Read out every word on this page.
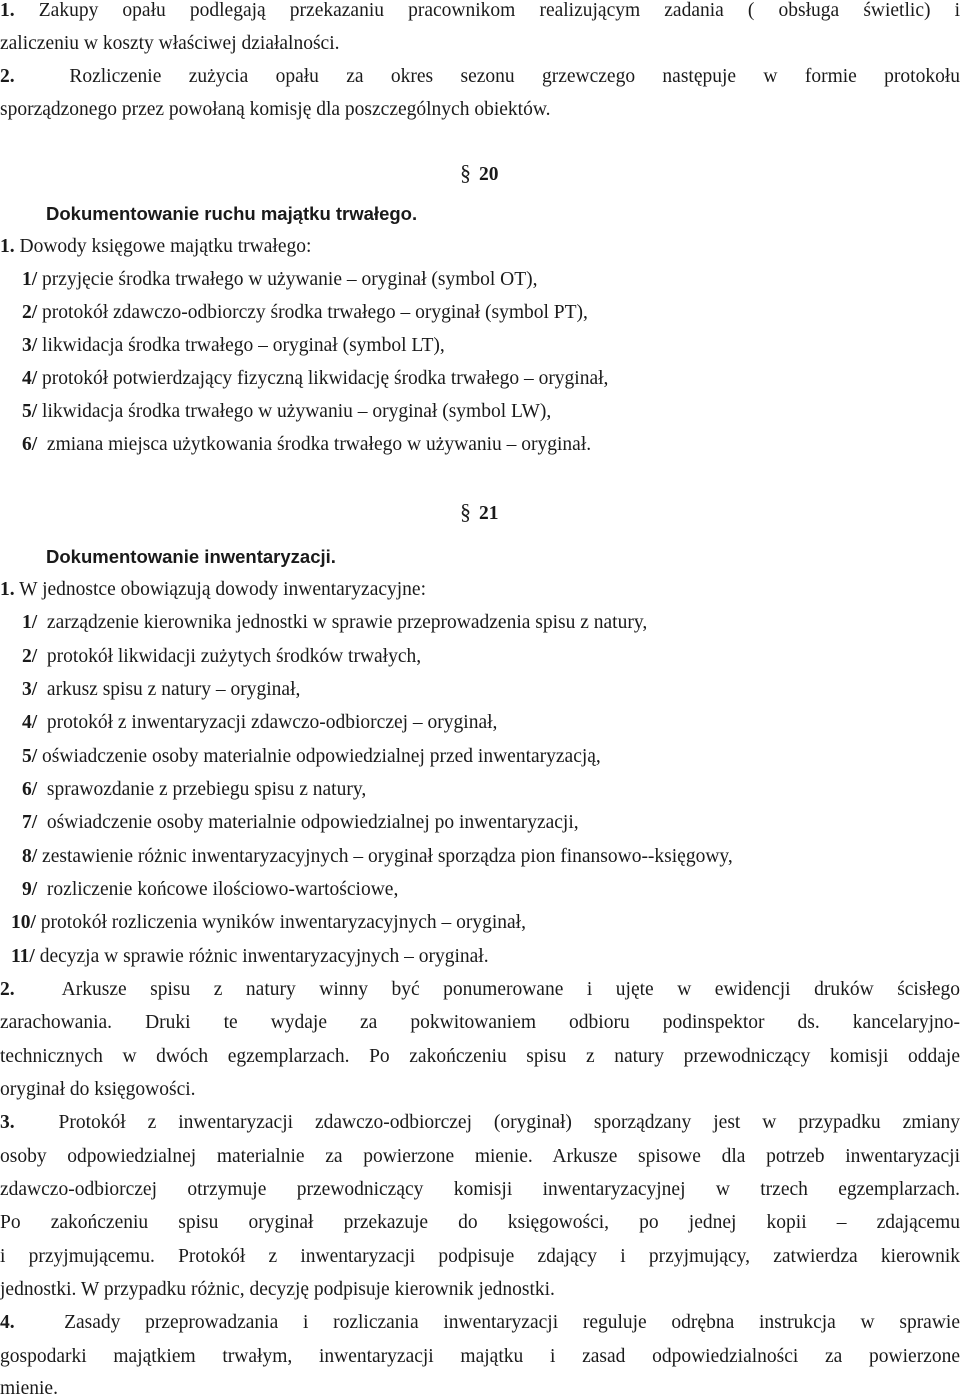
1. Zakupy opału podlegają przekazaniu pracownikom realizującym zadania ( obsługa świetlic) i

zaliczeniu w koszty właściwej działalności.

2.	Rozliczenie zużycia opału za okres sezonu grzewczego następuje w formie protokołu

sporządzonego przez powołaną komisję dla poszczególnych obiektów.

§ 20

Dokumentowanie ruchu majątku trwałego.

1. Dowody księgowe majątku trwałego:

1/ przyjęcie środka trwałego w używanie – oryginał (symbol OT),

2/ protokół zdawczo-odbiorczy środka trwałego – oryginał (symbol PT),

3/ likwidacja środka trwałego – oryginał (symbol LT),

4/ protokół potwierdzający fizyczną likwidację środka trwałego – oryginał,

5/ likwidacja środka trwałego w używaniu – oryginał (symbol LW),

6/ zmiana miejsca użytkowania środka trwałego w używaniu – oryginał.

§ 21

Dokumentowanie inwentaryzacji.

1. W jednostce obowiązują dowody inwentaryzacyjne:

1/ zarządzenie kierownika jednostki w sprawie przeprowadzenia spisu z natury,

2/ protokół likwidacji zużytych środków trwałych,

3/ arkusz spisu z natury – oryginał,

4/ protokół z inwentaryzacji zdawczo-odbiorczej – oryginał,

5/ oświadczenie osoby materialnie odpowiedzialnej przed inwentaryzacją,

6/ sprawozdanie z przebiegu spisu z natury,

7/ oświadczenie osoby materialnie odpowiedzialnej po inwentaryzacji,

8/ zestawienie różnic inwentaryzacyjnych – oryginał sporządza pion finansowo--księgowy,

9/ rozliczenie końcowe ilościowo-wartościowe,

10/ protokół rozliczenia wyników inwentaryzacyjnych – oryginał,

11/ decyzja w sprawie różnic inwentaryzacyjnych – oryginał.

2. Arkusze spisu z natury winny być ponumerowane i ujęte w ewidencji druków ścisłego

zarachowania. Druki te wydaje za pokwitowaniem odbioru podinspektor ds. kancelaryjno-

technicznych w dwóch egzemplarzach. Po zakończeniu spisu z natury przewodniczący komisji oddaje

oryginał do księgowości.

3. Protokół z inwentaryzacji zdawczo-odbiorczej (oryginał) sporządzany jest w przypadku zmiany

osoby odpowiedzialnej materialnie za powierzone mienie. Arkusze spisowe dla potrzeb inwentaryzacji

zdawczo-odbiorczej otrzymuje przewodniczący komisji inwentaryzacyjnej w trzech egzemplarzach.

Po zakończeniu spisu oryginał przekazuje do księgowości, po jednej kopii – zdającemu

i przyjmującemu. Protokół z inwentaryzacji podpisuje zdający i przyjmujący, zatwierdza kierownik

jednostki. W przypadku różnic, decyzję podpisuje kierownik jednostki.

4.	Zasady przeprowadzania i rozliczania inwentaryzacji reguluje odrębna instrukcja w sprawie

gospodarki majątkiem trwałym, inwentaryzacji majątku i zasad odpowiedzialności za powierzone

mienie.
